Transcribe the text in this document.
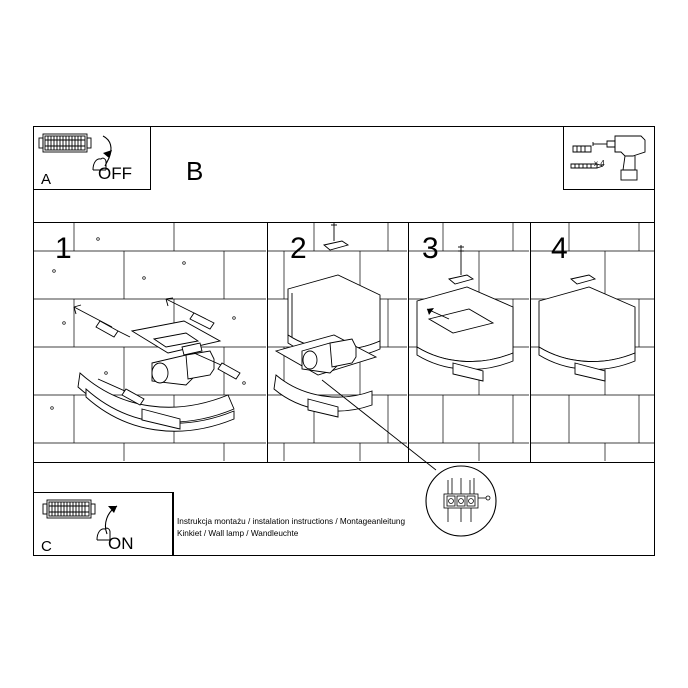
A	OFF B	x 4
1	2	3	4
C	ON
Instrukcja montażu / instalation instructions / Montageanleitung
Kinkiet / Wall lamp / Wandleuchte
